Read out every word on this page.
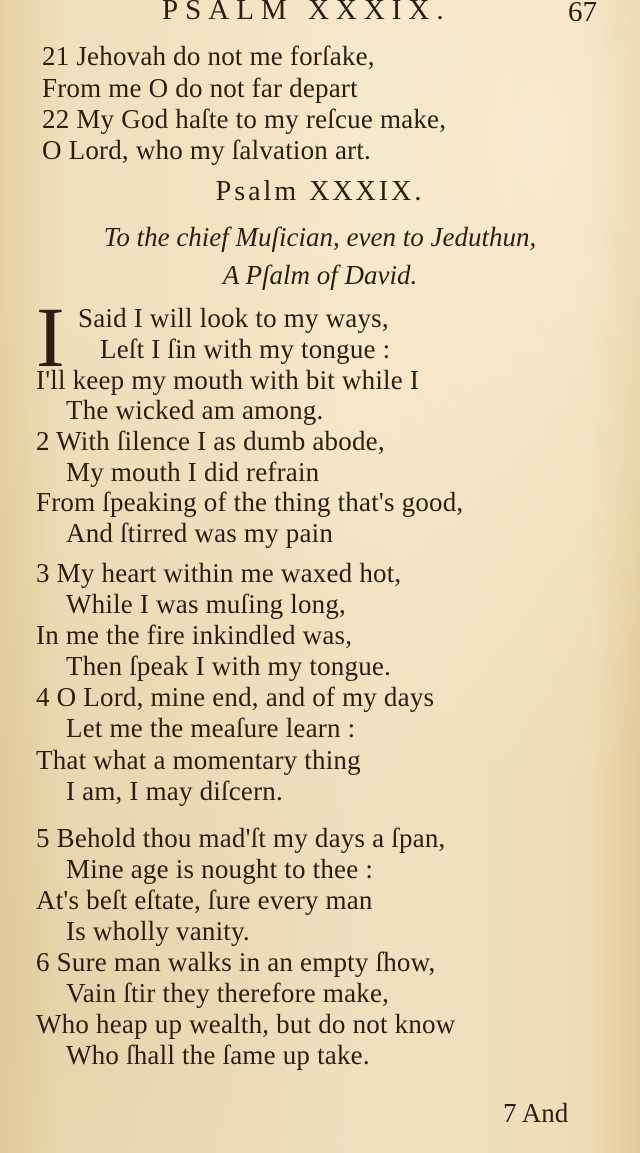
PSALM XXXIX.	67
21 Jehovah do not me forſake,
From me O do not far depart
22 My God haſte to my reſcue make,
O Lord, who my ſalvation art.
Psalm XXXIX.
To the chief Muſician, even to Jeduthun,
A Pſalm of David.
I Said I will look to my ways,
Leſt I ſin with my tongue :
I'll keep my mouth with bit while I
The wicked am among.
2 With ſilence I as dumb abode,
My mouth I did refrain
From ſpeaking of the thing that's good,
And ſtirred was my pain
3 My heart within me waxed hot,
While I was muſing long,
In me the fire inkindled was,
Then ſpeak I with my tongue.
4 O Lord, mine end, and of my days
Let me the meaſure learn :
That what a momentary thing
I am, I may diſcern.
5 Behold thou mad'ſt my days a ſpan,
Mine age is nought to thee :
At's beſt eſtate, ſure every man
Is wholly vanity.
6 Sure man walks in an empty ſhow,
Vain ſtir they therefore make,
Who heap up wealth, but do not know
Who ſhall the ſame up take.
7 And
